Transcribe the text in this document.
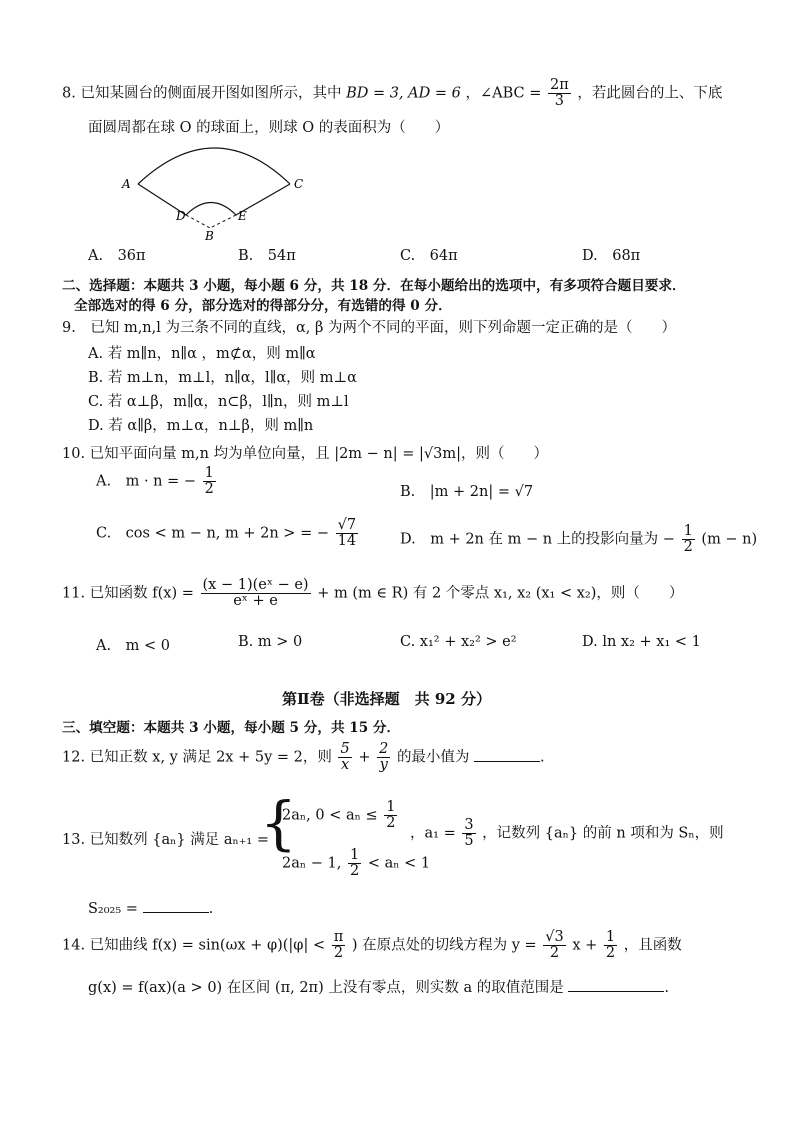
8. 已知某圆台的侧面展开图如图所示，其中 BD = 3, AD = 6 ，∠ABC = $\frac{2\pi}{3}$ ，若此圆台的上、下底
面圆周都在球 O 的球面上，则球 O 的表面积为（　　）
A	C
D	E
B
A.　36π	B.　54π	C.　64π	D.　68π
二、选择题：本题共 3 小题，每小题 6 分，共 18 分．在每小题给出的选项中，有多项符合题目要求．
全部选对的得 6 分，部分选对的得部分分，有选错的得 0 分．
9.　已知 m,n,l 为三条不同的直线，α, β 为两个不同的平面，则下列命题一定正确的是（　　）
A. 若 m∥n，n∥α ，m⊄α，则 m∥α
B. 若 m⊥n，m⊥l，n∥α，l∥α，则 m⊥α
C. 若 α⊥β，m∥α，n⊂β，l∥n，则 m⊥l
D. 若 α∥β，m⊥α，n⊥β，则 m∥n
10. 已知平面向量 m,n 均为单位向量，且 |2m − n| = |√3m|，则（　　）
A.　m · n = − $\frac{1}{2}$	B.　|m + 2n| = √7
C.　cos < m − n, m + 2n > = − $\frac{√7}{14}$	D.　m + 2n 在 m − n 上的投影向量为 − $\frac{1}{2} (m - n)$
11. 已知函数 $f(x) = \frac{\text{(x − 1)(eˣ − e)}}{\text{eˣ + e}} + m$ (m ∈ R) 有 2 个零点 x₁, x₂ (x₁ < x₂)，则（　　）
A.　m < 0	B. m > 0	C. x₁² + x₂² > e²	D. ln x₂ + x₁ < 1
第Ⅱ卷（非选择题　共 92 分）
三、填空题：本题共 3 小题，每小题 5 分，共 15 分．
12. 已知正数 x, y 满足 2x + 5y = 2，则 $\frac{5}{x} + \frac{2}{y}$ 的最小值为	.
13. 已知数列 {aₙ} 满足 aₙ₊₁ =
{
2aₙ, $0 < a_n \le \frac{1}{2}$
2aₙ − 1, $\frac{1}{2} < a_n < 1$
，$a_1 = \frac{3}{5}$ ，记数列 {aₙ} 的前 n 项和为 Sₙ，则
S₂₀₂₅ =	.
14. 已知曲线 $f(x) = \sin(\omega x + \varphi)(|\varphi| < \frac{\pi}{2}$ ) 在原点处的切线方程为 $y = \frac{√3}{2}$ $x + \frac{1}{2}$ ，且函数
g(x) = f(ax)(a > 0) 在区间 (π, 2π) 上没有零点，则实数 a 的取值范围是	.
